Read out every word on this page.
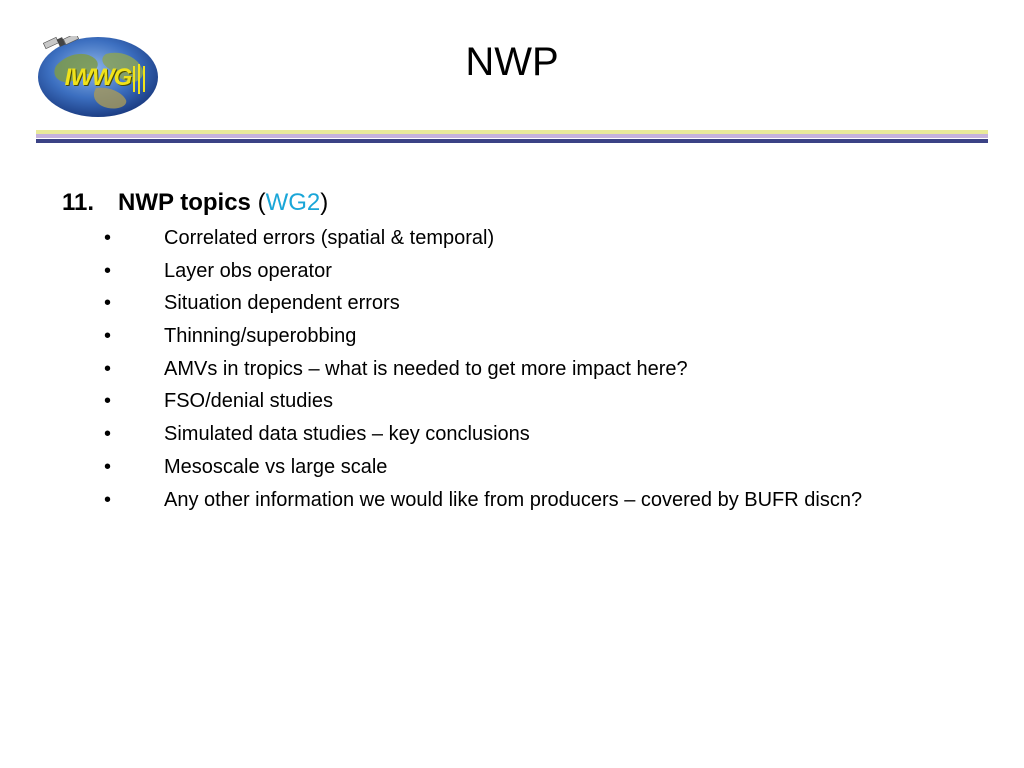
IWWG	NWP
11. NWP topics (WG2)
•	Correlated errors (spatial & temporal)
•	Layer obs operator
•	Situation dependent errors
•	Thinning/superobbing
•	AMVs in tropics – what is needed to get more impact here?
•	FSO/denial studies
•	Simulated data studies – key conclusions
•	Mesoscale vs large scale
•	Any other information we would like from producers – covered by BUFR discn?
